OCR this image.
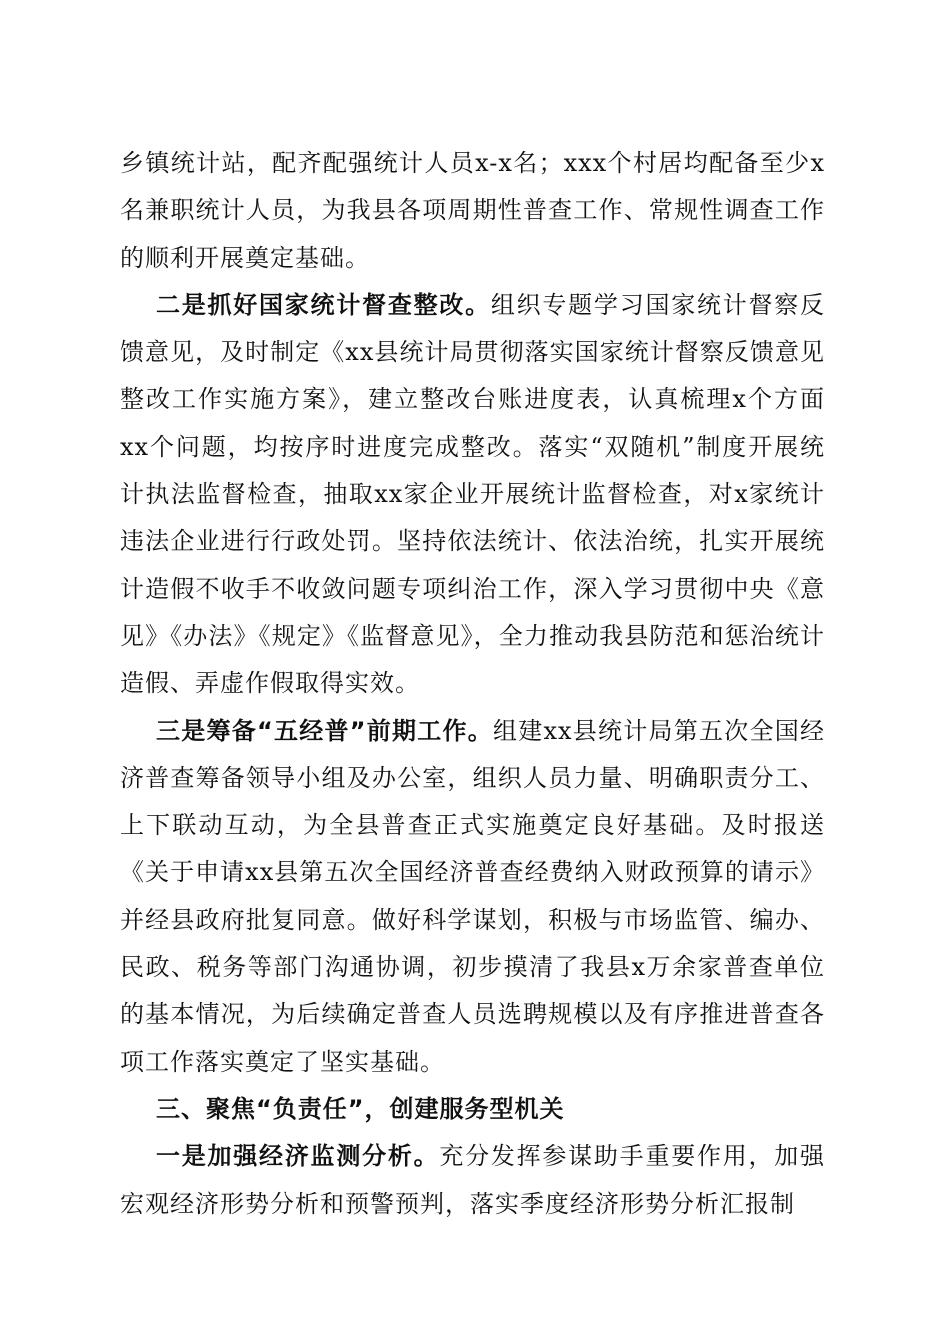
乡镇统计站，配齐配强统计人员x-x名；xxx个村居均配备至少x名兼职统计人员，为我县各项周期性普查工作、常规性调查工作的顺利开展奠定基础。

二是抓好国家统计督查整改。组织专题学习国家统计督察反馈意见，及时制定《xx县统计局贯彻落实国家统计督察反馈意见整改工作实施方案》，建立整改台账进度表，认真梳理x个方面xx个问题，均按序时进度完成整改。落实“双随机”制度开展统计执法监督检查，抽取xx家企业开展统计监督检查，对x家统计违法企业进行行政处罚。坚持依法统计、依法治统，扎实开展统计造假不收手不收敛问题专项纠治工作，深入学习贯彻中央《意见》《办法》《规定》《监督意见》，全力推动我县防范和惩治统计造假、弄虚作假取得实效。

三是筹备“五经普”前期工作。组建xx县统计局第五次全国经济普查筹备领导小组及办公室，组织人员力量、明确职责分工、上下联动互动，为全县普查正式实施奠定良好基础。及时报送《关于申请xx县第五次全国经济普查经费纳入财政预算的请示》并经县政府批复同意。做好科学谋划，积极与市场监管、编办、民政、税务等部门沟通协调，初步摸清了我县x万余家普查单位的基本情况，为后续确定普查人员选聘规模以及有序推进普查各项工作落实奠定了坚实基础。

三、聚焦“负责任”，创建服务型机关

一是加强经济监测分析。充分发挥参谋助手重要作用，加强宏观经济形势分析和预警预判，落实季度经济形势分析汇报制
